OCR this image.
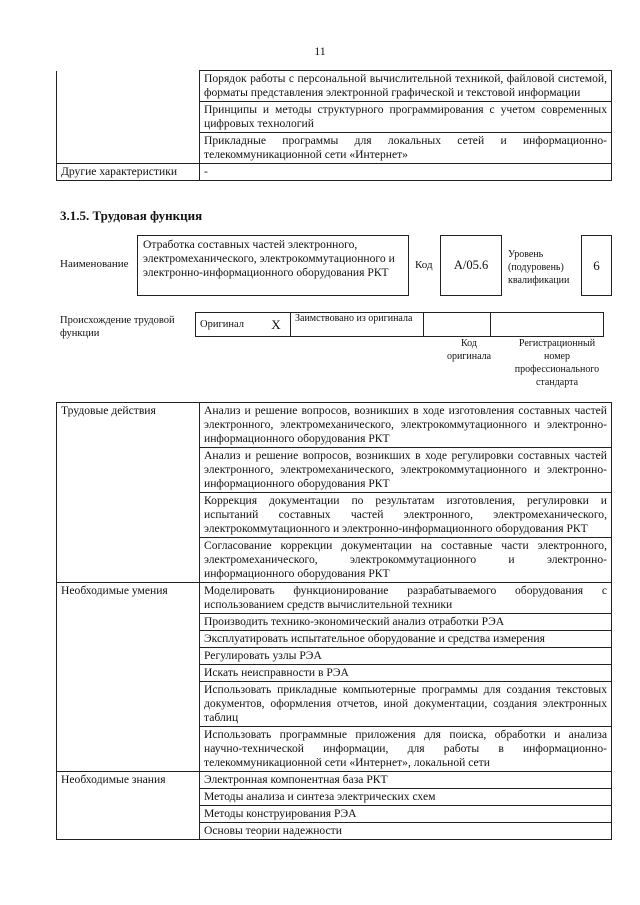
11
	Порядок работы с персональной вычислительной техникой, файловой системой, форматы представления электронной графической и текстовой информации
	Принципы и методы структурного программирования с учетом современных цифровых технологий
	Прикладные программы для локальных сетей и информационно-телекоммуникационной сети «Интернет»
Другие характеристики	-
3.1.5. Трудовая функция
Наименование
Отработка составных частей электронного, электромеханического, электрокоммутационного и электронно-информационного оборудования РКТ
Код	A/05.6
Уровень (подуровень) квалификации
6
Происхождение трудовой функции
Оригинал	X	Заимствовано из оригинала		
Код оригинала
Регистрационный номер профессионального стандарта
Трудовые действия	Анализ и решение вопросов, возникших в ходе изготовления составных частей электронного, электромеханического, электрокоммутационного и электронно-информационного оборудования РКТ
	Анализ и решение вопросов, возникших в ходе регулировки составных частей электронного, электромеханического, электрокоммутационного и электронно-информационного оборудования РКТ
	Коррекция документации по результатам изготовления, регулировки и испытаний составных частей электронного, электромеханического, электрокоммутационного и электронно-информационного оборудования РКТ
	Согласование коррекции документации на составные части электронного, электромеханического, электрокоммутационного и электронно-информационного оборудования РКТ
Необходимые умения	Моделировать функционирование разрабатываемого оборудования с использованием средств вычислительной техники
	Производить технико-экономический анализ отработки РЭА
	Эксплуатировать испытательное оборудование и средства измерения
	Регулировать узлы РЭА
	Искать неисправности в РЭА
	Использовать прикладные компьютерные программы для создания текстовых документов, оформления отчетов, иной документации, создания электронных таблиц
	Использовать программные приложения для поиска, обработки и анализа научно-технической информации, для работы в информационно-телекоммуникационной сети «Интернет», локальной сети
Необходимые знания	Электронная компонентная база РКТ
	Методы анализа и синтеза электрических схем
	Методы конструирования РЭА
	Основы теории надежности
